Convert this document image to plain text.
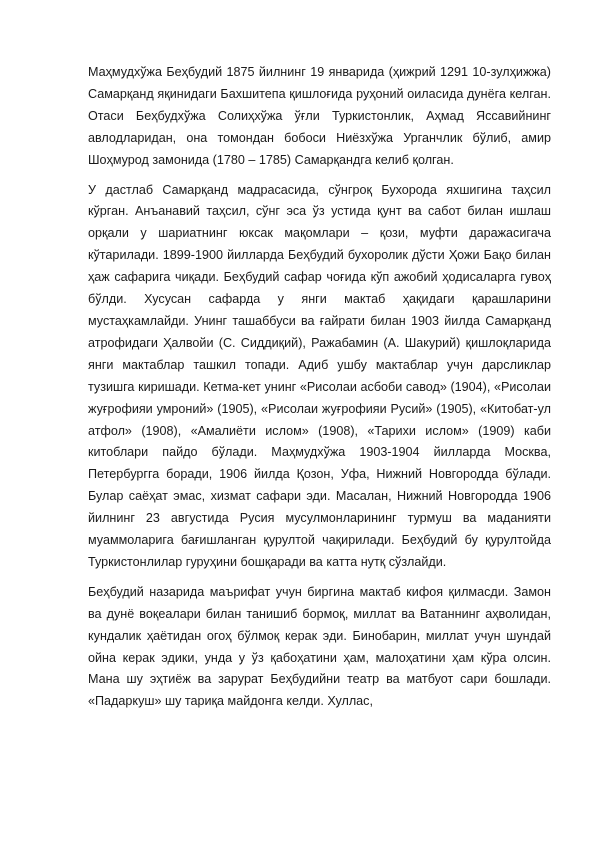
Маҳмудхўжа Беҳбудий 1875 йилнинг 19 январида (ҳижрий 1291 10-зулҳижжа) Самарқанд яқинидаги Бахшитепа қишлоғида руҳоний оиласида дунёга келган. Отаси Беҳбудхўжа Солиҳхўжа ўғли Туркистонлик, Аҳмад Яссавийнинг авлодларидан, она томондан бобоси Ниёзхўжа Урганчлик бўлиб, амир Шоҳмурод замонида (1780 – 1785) Самарқандга келиб қолган.

У дастлаб Самарқанд мадрасасида, сўнгроқ Бухорода яхшигина таҳсил кўрган. Анъанавий таҳсил, сўнг эса ўз устида қунт ва сабот билан ишлаш орқали у шариатнинг юксак мақомлари – қози, муфти даражасигача кўтарилади. 1899-1900 йилларда Беҳбудий бухоролик дўсти Ҳожи Бақо билан ҳаж сафарига чиқади. Беҳбудий сафар чоғида кўп ажобий ҳодисаларга гувоҳ бўлди. Хусусан сафарда у янги мактаб ҳақидаги қарашларини мустаҳкамлайди. Унинг ташаббуси ва ғайрати билан 1903 йилда Самарқанд атрофидаги Ҳалвойи (С. Сиддиқий), Ражабамин (А. Шакурий) қишлоқларида янги мактаблар ташкил топади. Адиб ушбу мактаблар учун дарсликлар тузишга киришади. Кетма-кет унинг «Рисолаи асбоби савод» (1904), «Рисолаи жуғрофияи умроний» (1905), «Рисолаи жуғрофияи Русий» (1905), «Китобат-ул атфол» (1908), «Амалиёти ислом» (1908), «Тарихи ислом» (1909) каби китоблари пайдо бўлади. Маҳмудхўжа 1903-1904 йилларда Москва, Петербургга боради, 1906 йилда Қозон, Уфа, Нижний Новгородда бўлади. Булар саёҳат эмас, хизмат сафари эди. Масалан, Нижний Новгородда 1906 йилнинг 23 августида Русия мусулмонларининг турмуш ва маданияти муаммоларига бағишланган қурултой чақирилади. Беҳбудий бу қурултойда Туркистонлилар гуруҳини бошқаради ва катта нутқ сўзлайди.

Беҳбудий назарида маърифат учун биргина мактаб кифоя қилмасди. Замон ва дунё воқеалари билан танишиб бормоқ, миллат ва Ватаннинг аҳволидан, кундалик ҳаётидан огоҳ бўлмоқ керак эди. Бинобарин, миллат учун шундай ойна керак эдики, унда у ўз қабоҳатини ҳам, малоҳатини ҳам кўра олсин. Мана шу эҳтиёж ва зарурат Беҳбудийни театр ва матбуот сари бошлади. «Падаркуш» шу тариқа майдонга келди. Хуллас,
